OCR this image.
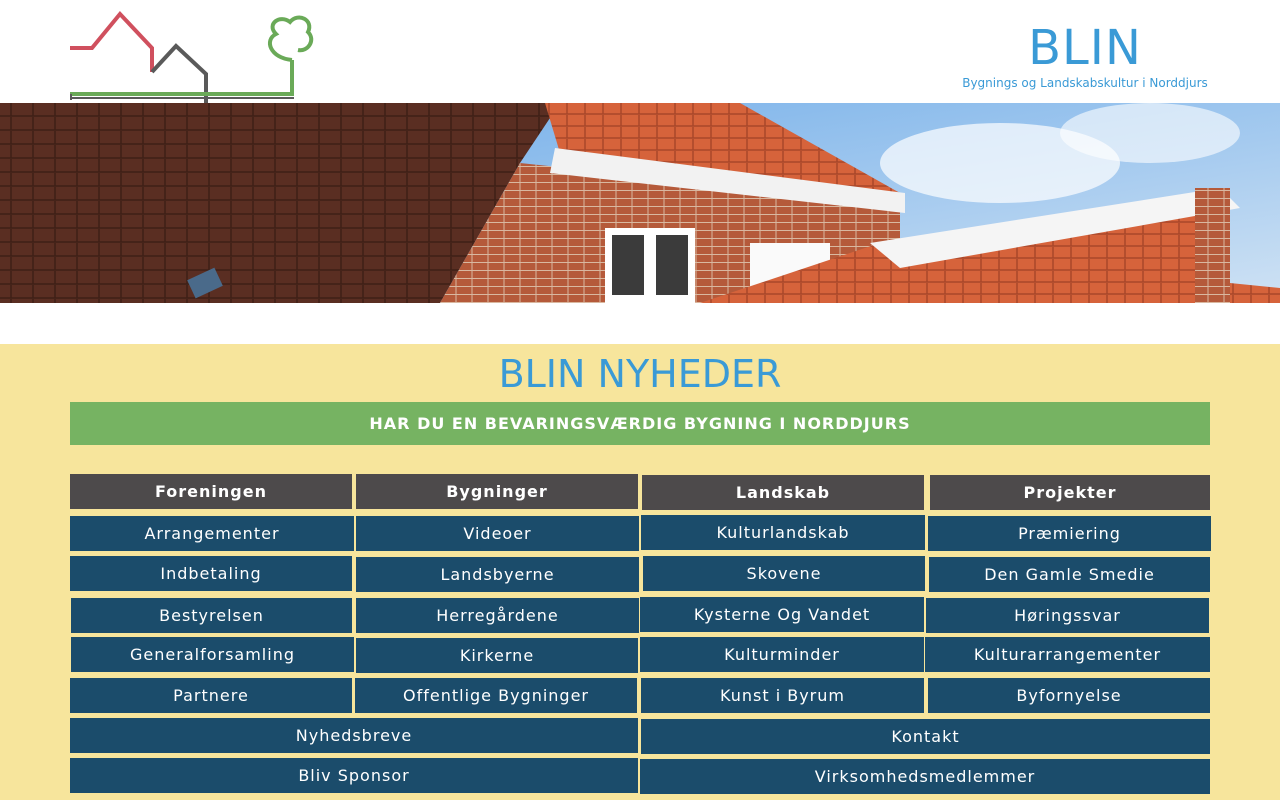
BLIN
Bygnings og Landskabskultur i Norddjurs
BLIN NYHEDER
HAR DU EN BEVARINGSVÆRDIG BYGNING I NORDDJURS
Foreningen	Bygninger	Landskab	Projekter
Arrangementer
Indbetaling
Bestyrelsen
Generalforsamling
Partnere
Videoer
Landsbyerne
Herregårdene
Kirkerne
Offentlige Bygninger
Kulturlandskab
Skovene
Kysterne Og Vandet
Kulturminder
Kunst i Byrum
Præmiering
Den Gamle Smedie
Høringssvar
Kulturarrangementer
Byfornyelse
Nyhedsbreve	Kontakt
Bliv Sponsor	Virksomhedsmedlemmer
